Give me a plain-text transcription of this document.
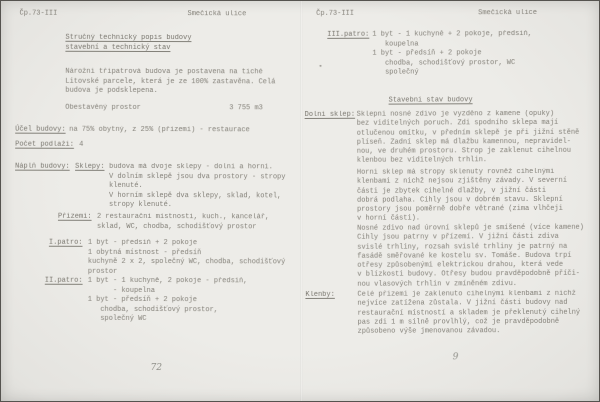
Čp.73-III	Smečická ulice
Stručný technický popis budovy
stavební a technický stav
Nárožní třípatrová budova je postavena na tiché
Litovské parcele, která je ze 100% zastavěna. Celá
budova je podsklepena.
Obestavěný prostor	3 755 m3
Účel budovy: na 75% obytný, z 25% (přízemí) - restaurace
Počet podlaží: 4
Náplň budovy: Sklepy: budova má dvoje sklepy - dolní a horní.
V dolním sklepě jsou dva prostory - stropy
klenuté.
V horním sklepě dva sklepy, sklad, kotel,
stropy klenuté.
Přízemí: 2 restaurační místnosti, kuch., kancelář,
sklad, WC, chodba, schodišťový prostor
I.patro: 1 byt - předsíň + 2 pokoje
1 obytná místnost - předsíň
kuchyně 2 x 2, společný WC, chodba, schodišťový
prostor
II.patro: 1 byt - 1 kuchyně, 2 pokoje - předsíň,
- koupelna
1 byt - předsíň + 2 pokoje
chodba, schodišťový prostor,
společný WC
72
Čp.73-III	Smečická ulice
III.patro: 1 byt - 1 kuchyně + 2 pokoje, předsíň,
koupelna
1 byt - předsíň + 2 pokoje
chodba, schodišťový prostor, WC
společný
*
Stavební stav budovy
Dolní sklep: Sklepní nosné zdivo je vyzděno z kamene (opuky)
bez viditelných poruch. Zdi spodního sklepa mají
otlučenou omítku, v předním sklepě je při jižní stěně
plíseň. Zadní sklep má dlažbu kamennou, nepravidel-
nou, ve druhém prostoru. Strop je zaklenut cihelnou
klenbou bez viditelných trhlin.
Horní sklep má stropy sklenuty rovněž cihelnými
klenbami z nichž nejsou zjištěny závady. V severní
části je zbytek cihelné dlažby, v jižní části
dobrá podlaha. Cihly jsou v dobrém stavu. Sklepní
prostory jsou poměrně dobře větrané (zima vlhčeji
v horní části).
Nosné zdivo nad úrovní sklepů je smíšené (více kamene)
Cihly jsou patrny v přízemí. V jižní části zdiva
svislé trhliny, rozsah svislé trhliny je patrný na
fasádě směřované ke kostelu sv. Tomáše. Budova trpí
otřesy způsobenými elektrickou drahou, která vede
v blízkosti budovy. Otřesy budou pravděpodobně příči-
nou vlasových trhlin v zmíněném zdivu.
Klenby:	Celé přízemí je zaklenuto cihelnými klenbami z nichž
nejvíce zatížena zůstala. V jižní části budovy nad
restaurační místností a skladem je překlenutý cihelný
pas zdi 1 m silně provlhlý, což je pravděpodobně
způsobeno výše jmenovanou závadou.
9
